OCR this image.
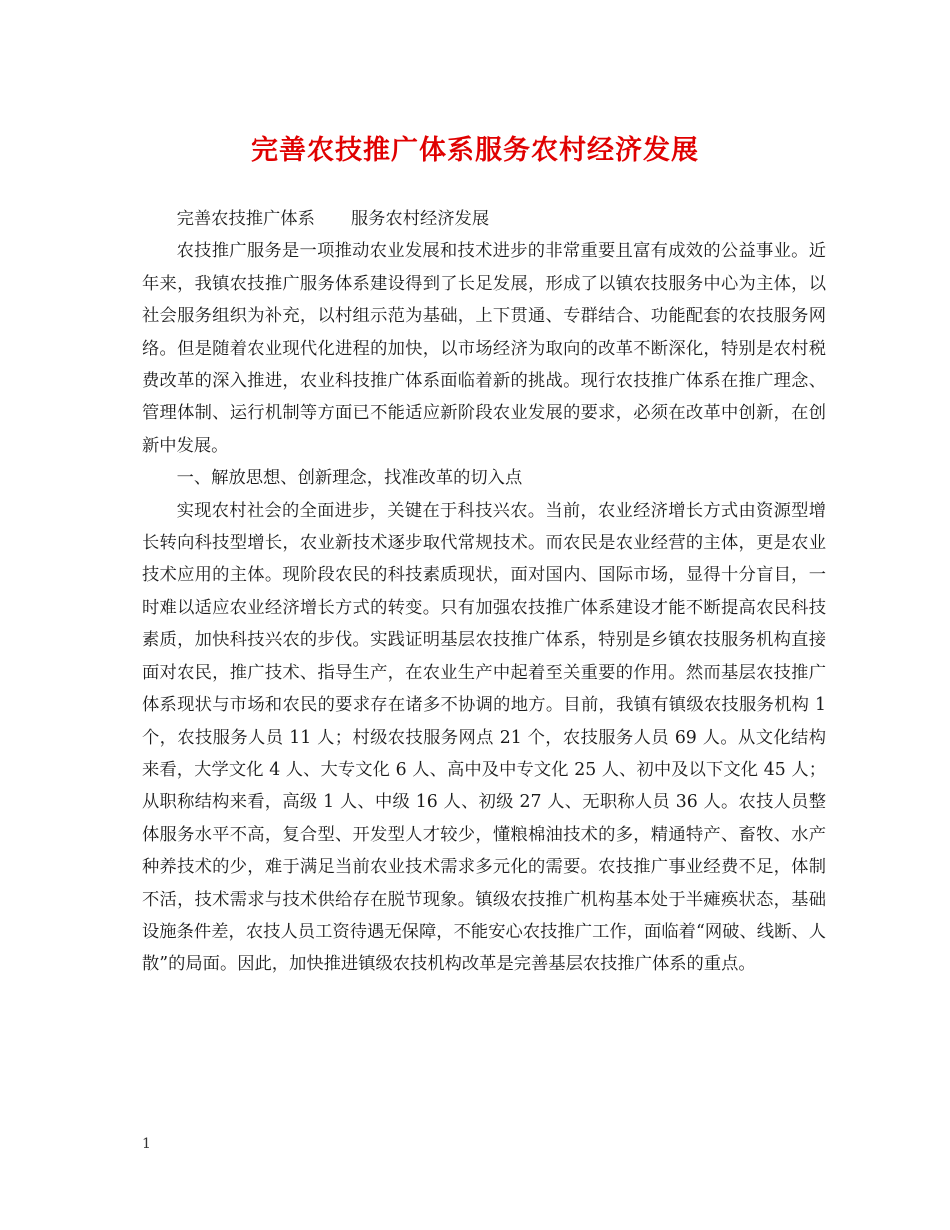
完善农技推广体系服务农村经济发展

完善农技推广体系 服务农村经济发展

农技推广服务是一项推动农业发展和技术进步的非常重要且富有成效的公益事业。近年来，我镇农技推广服务体系建设得到了长足发展，形成了以镇农技服务中心为主体，以社会服务组织为补充，以村组示范为基础，上下贯通、专群结合、功能配套的农技服务网络。但是随着农业现代化进程的加快，以市场经济为取向的改革不断深化，特别是农村税费改革的深入推进，农业科技推广体系面临着新的挑战。现行农技推广体系在推广理念、管理体制、运行机制等方面已不能适应新阶段农业发展的要求，必须在改革中创新，在创新中发展。

一、解放思想、创新理念，找准改革的切入点

实现农村社会的全面进步，关键在于科技兴农。当前，农业经济增长方式由资源型增长转向科技型增长，农业新技术逐步取代常规技术。而农民是农业经营的主体，更是农业技术应用的主体。现阶段农民的科技素质现状，面对国内、国际市场，显得十分盲目，一时难以适应农业经济增长方式的转变。只有加强农技推广体系建设才能不断提高农民科技素质，加快科技兴农的步伐。实践证明基层农技推广体系，特别是乡镇农技服务机构直接面对农民，推广技术、指导生产，在农业生产中起着至关重要的作用。然而基层农技推广体系现状与市场和农民的要求存在诸多不协调的地方。目前，我镇有镇级农技服务机构 1 个，农技服务人员 11 人；村级农技服务网点 21 个，农技服务人员 69 人。从文化结构来看，大学文化 4 人、大专文化 6 人、高中及中专文化 25 人、初中及以下文化 45 人；从职称结构来看，高级 1 人、中级 16 人、初级 27 人、无职称人员 36 人。农技人员整体服务水平不高，复合型、开发型人才较少，懂粮棉油技术的多，精通特产、畜牧、水产种养技术的少，难于满足当前农业技术需求多元化的需要。农技推广事业经费不足，体制不活，技术需求与技术供给存在脱节现象。镇级农技推广机构基本处于半瘫痪状态，基础设施条件差，农技人员工资待遇无保障，不能安心农技推广工作，面临着“网破、线断、人散”的局面。因此，加快推进镇级农技机构改革是完善基层农技推广体系的重点。

1
